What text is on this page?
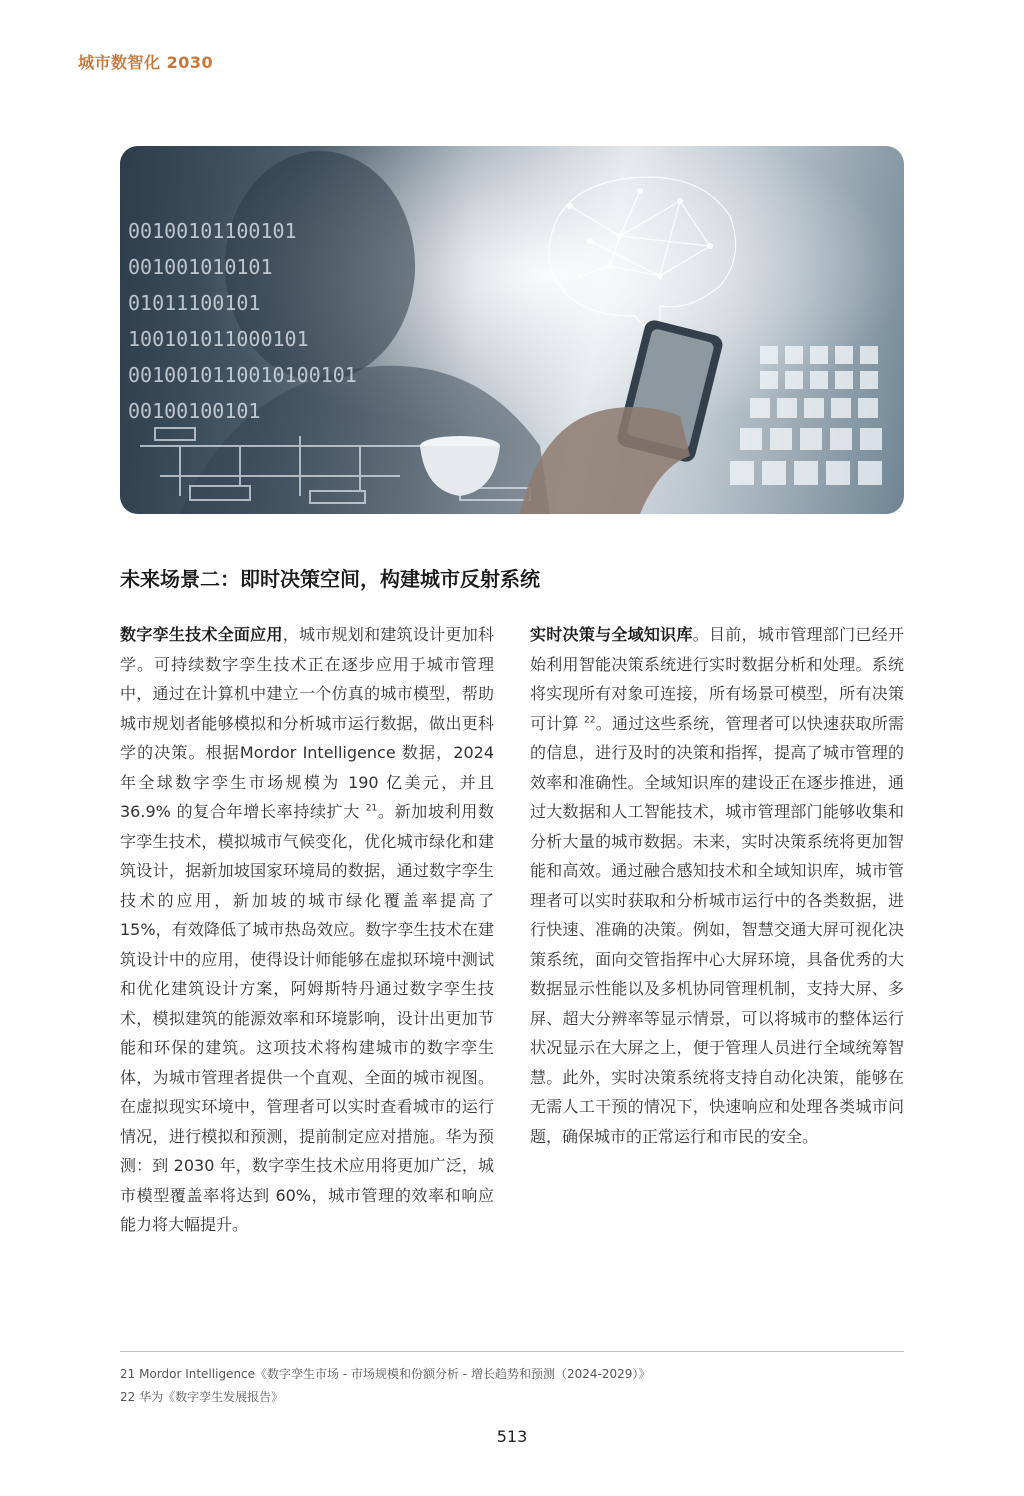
城市数智化 2030
00100101100101
001001010101
01011100101
100101011000101
0010010110010100101
00100100101
未来场景二：即时决策空间，构建城市反射系统
数字孪生技术全面应用，城市规划和建筑设计更加科学。可持续数字孪生技术正在逐步应用于城市管理中，通过在计算机中建立一个仿真的城市模型，帮助城市规划者能够模拟和分析城市运行数据，做出更科学的决策。根据Mordor Intelligence 数据，2024 年全球数字孪生市场规模为 190 亿美元，并且 36.9% 的复合年增长率持续扩大 $^{21}$。新加坡利用数字孪生技术，模拟城市气候变化，优化城市绿化和建筑设计，据新加坡国家环境局的数据，通过数字孪生技术的应用，新加坡的城市绿化覆盖率提高了 15%，有效降低了城市热岛效应。数字孪生技术在建筑设计中的应用，使得设计师能够在虚拟环境中测试和优化建筑设计方案，阿姆斯特丹通过数字孪生技术，模拟建筑的能源效率和环境影响，设计出更加节能和环保的建筑。这项技术将构建城市的数字孪生体，为城市管理者提供一个直观、全面的城市视图。在虚拟现实环境中，管理者可以实时查看城市的运行情况，进行模拟和预测，提前制定应对措施。华为预测：到 2030 年，数字孪生技术应用将更加广泛，城市模型覆盖率将达到 60%，城市管理的效率和响应能力将大幅提升。
实时决策与全域知识库。目前，城市管理部门已经开始利用智能决策系统进行实时数据分析和处理。系统将实现所有对象可连接，所有场景可模型，所有决策可计算 $^{22}$。通过这些系统，管理者可以快速获取所需的信息，进行及时的决策和指挥，提高了城市管理的效率和准确性。全域知识库的建设正在逐步推进，通过大数据和人工智能技术，城市管理部门能够收集和分析大量的城市数据。未来，实时决策系统将更加智能和高效。通过融合感知技术和全域知识库，城市管理者可以实时获取和分析城市运行中的各类数据，进行快速、准确的决策。例如，智慧交通大屏可视化决策系统，面向交管指挥中心大屏环境，具备优秀的大数据显示性能以及多机协同管理机制，支持大屏、多屏、超大分辨率等显示情景，可以将城市的整体运行状况显示在大屏之上，便于管理人员进行全域统筹智慧。此外，实时决策系统将支持自动化决策，能够在无需人工干预的情况下，快速响应和处理各类城市问题，确保城市的正常运行和市民的安全。
21 Mordor Intelligence《数字孪生市场 - 市场规模和份额分析 - 增长趋势和预测（2024-2029）》
22 华为《数字孪生发展报告》
513
